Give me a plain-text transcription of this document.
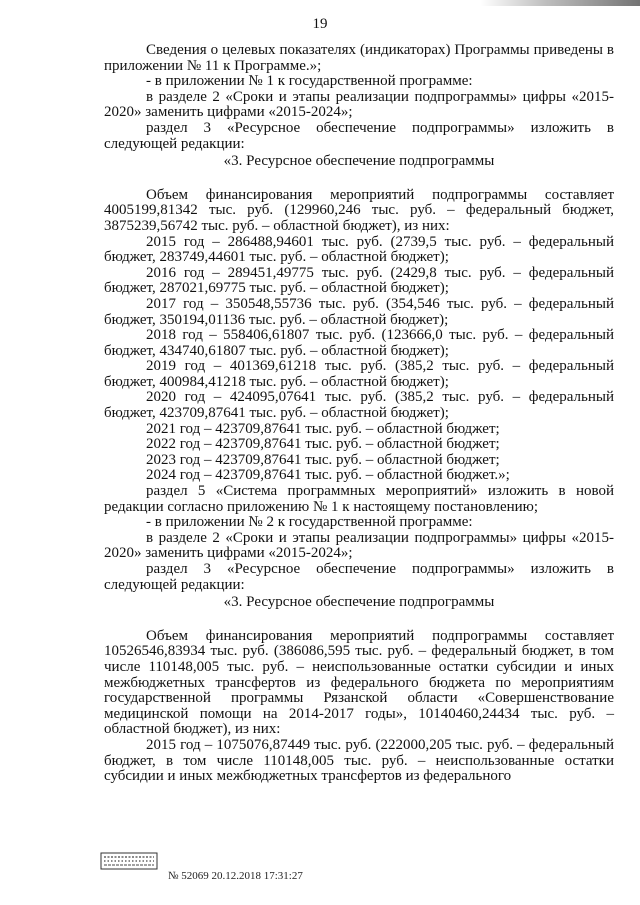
19

Сведения о целевых показателях (индикаторах) Программы приведены в приложении № 11 к Программе.»;

- в приложении № 1 к государственной программе:

в разделе 2 «Сроки и этапы реализации подпрограммы» цифры «2015-2020» заменить цифрами «2015-2024»;

раздел 3 «Ресурсное обеспечение подпрограммы» изложить в следующей редакции:

«3. Ресурсное обеспечение подпрограммы

Объем финансирования мероприятий подпрограммы составляет 4005199,81342 тыс. руб. (129960,246 тыс. руб. – федеральный бюджет, 3875239,56742 тыс. руб. – областной бюджет), из них:

2015 год – 286488,94601 тыс. руб. (2739,5 тыс. руб. – федеральный бюджет, 283749,44601 тыс. руб. – областной бюджет);

2016 год – 289451,49775 тыс. руб. (2429,8 тыс. руб. – федеральный бюджет, 287021,69775 тыс. руб. – областной бюджет);

2017 год – 350548,55736 тыс. руб. (354,546 тыс. руб. – федеральный бюджет, 350194,01136 тыс. руб. – областной бюджет);

2018 год – 558406,61807 тыс. руб. (123666,0 тыс. руб. – федеральный бюджет, 434740,61807 тыс. руб. – областной бюджет);

2019 год – 401369,61218 тыс. руб. (385,2 тыс. руб. – федеральный бюджет, 400984,41218 тыс. руб. – областной бюджет);

2020 год – 424095,07641 тыс. руб. (385,2 тыс. руб. – федеральный бюджет, 423709,87641 тыс. руб. – областной бюджет);

2021 год – 423709,87641 тыс. руб. – областной бюджет;

2022 год – 423709,87641 тыс. руб. – областной бюджет;

2023 год – 423709,87641 тыс. руб. – областной бюджет;

2024 год – 423709,87641 тыс. руб. – областной бюджет.»;

раздел 5 «Система программных мероприятий» изложить в новой редакции согласно приложению № 1 к настоящему постановлению;

- в приложении № 2 к государственной программе:

в разделе 2 «Сроки и этапы реализации подпрограммы» цифры «2015-2020» заменить цифрами «2015-2024»;

раздел 3 «Ресурсное обеспечение подпрограммы» изложить в следующей редакции:

«3. Ресурсное обеспечение подпрограммы

Объем финансирования мероприятий подпрограммы составляет 10526546,83934 тыс. руб. (386086,595 тыс. руб. – федеральный бюджет, в том числе 110148,005 тыс. руб. – неиспользованные остатки субсидии и иных межбюджетных трансфертов из федерального бюджета по мероприятиям государственной программы Рязанской области «Совершенствование медицинской помощи на 2014-2017 годы», 10140460,24434 тыс. руб. – областной бюджет), из них:

2015 год – 1075076,87449 тыс. руб. (222000,205 тыс. руб. – федеральный бюджет, в том числе 110148,005 тыс. руб. – неиспользованные остатки субсидии и иных межбюджетных трансфертов из федерального

№ 52069 20.12.2018 17:31:27
